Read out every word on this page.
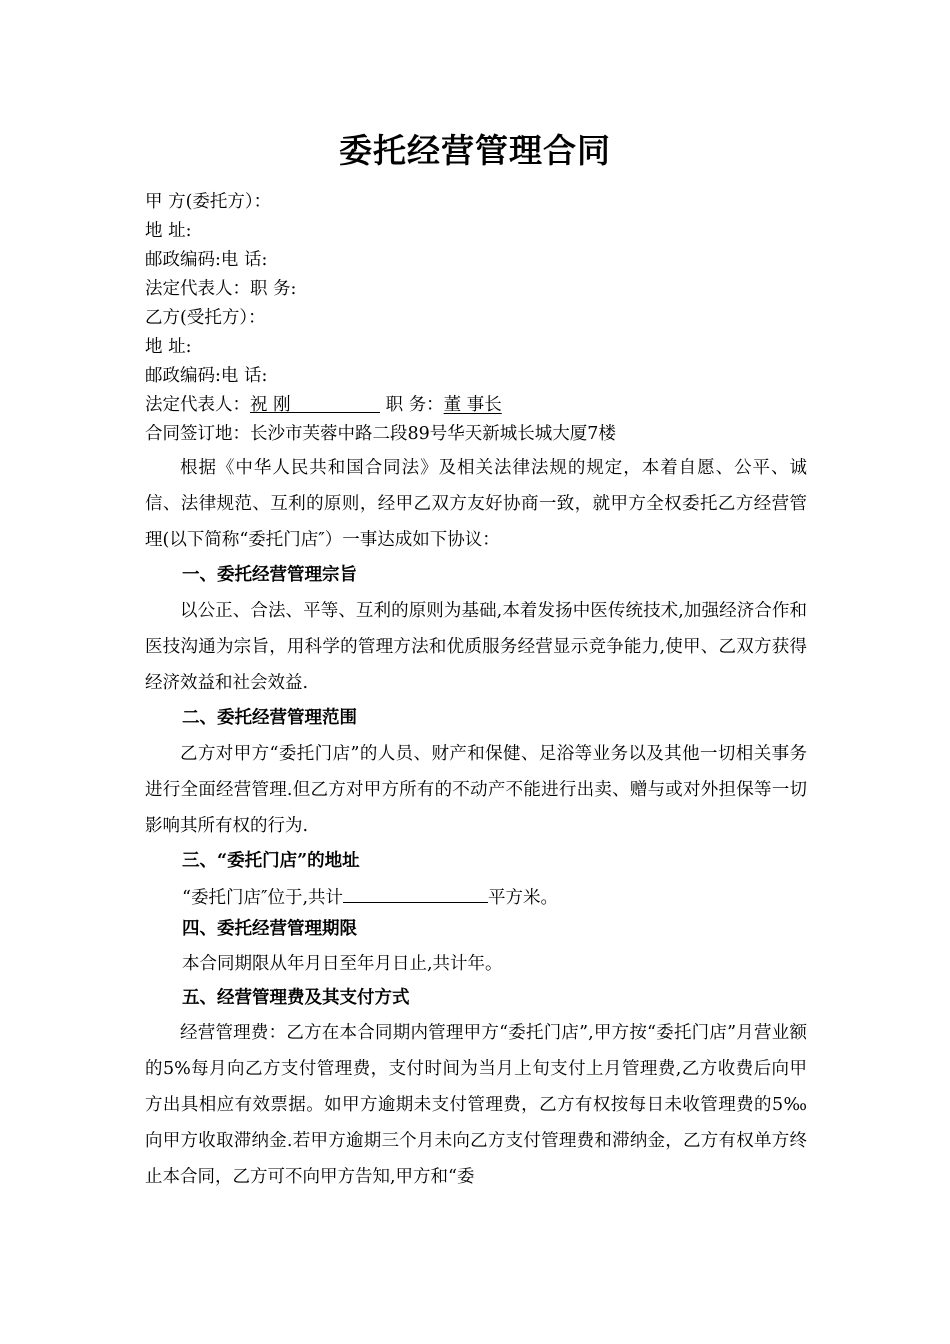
委托经营管理合同
甲 方(委托方）：
地 址:
邮政编码:电 话:
法定代表人：职 务:
乙方(受托方）：
地 址:
邮政编码:电 话:
法定代表人：祝 刚	职 务：董 事长
合同签订地：长沙市芙蓉中路二段89号华天新城长城大厦7楼

根据《中华人民共和国合同法》及相关法律法规的规定，本着自愿、公平、诚信、法律规范、互利的原则，经甲乙双方友好协商一致，就甲方全权委托乙方经营管理(以下简称“委托门店″）一事达成如下协议：

一、委托经营管理宗旨

以公正、合法、平等、互利的原则为基础,本着发扬中医传统技术,加强经济合作和医技沟通为宗旨，用科学的管理方法和优质服务经营显示竞争能力,使甲、乙双方获得经济效益和社会效益.

二、委托经营管理范围

乙方对甲方“委托门店”的人员、财产和保健、足浴等业务以及其他一切相关事务进行全面经营管理.但乙方对甲方所有的不动产不能进行出卖、赠与或对外担保等一切影响其所有权的行为.

三、“委托门店”的地址
“委托门店″位于,共计	平方米。
四、委托经营管理期限
本合同期限从年月日至年月日止,共计年。
五、经营管理费及其支付方式

经营管理费：乙方在本合同期内管理甲方“委托门店”,甲方按“委托门店”月营业额的5%每月向乙方支付管理费，支付时间为当月上旬支付上月管理费,乙方收费后向甲方出具相应有效票据。如甲方逾期未支付管理费，乙方有权按每日未收管理费的5‰向甲方收取滞纳金.若甲方逾期三个月未向乙方支付管理费和滞纳金，乙方有权单方终止本合同，乙方可不向甲方告知,甲方和“委
